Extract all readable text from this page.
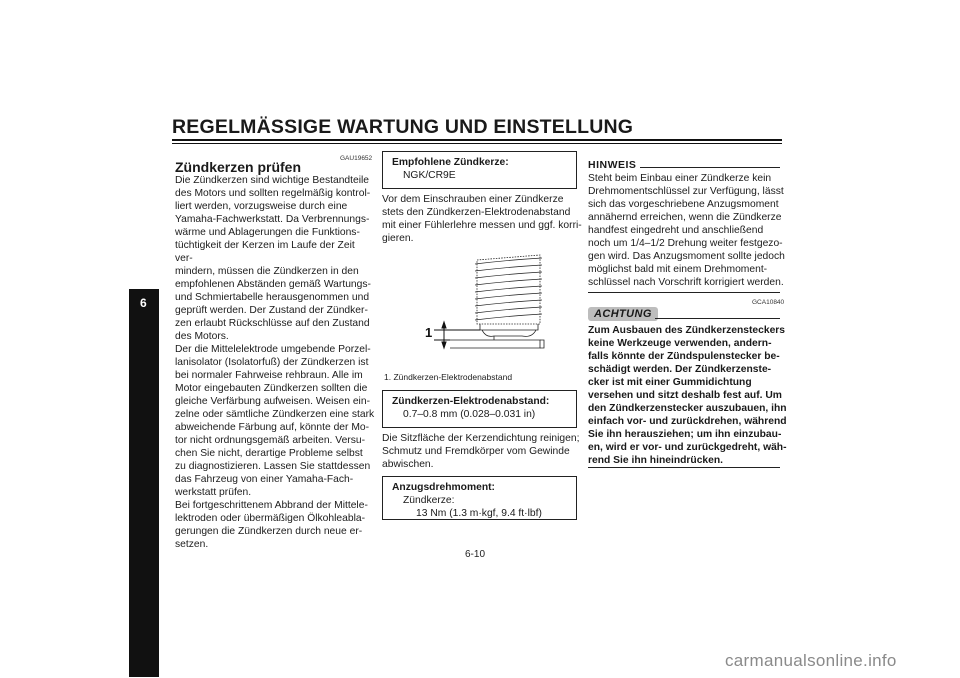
REGELMÄSSIGE WARTUNG UND EINSTELLUNG
6
GAU19652
Zündkerzen prüfen

Die Zündkerzen sind wichtige Bestandteile

des Motors und sollten regelmäßig kontrol-

liert werden, vorzugsweise durch eine

Yamaha-Fachwerkstatt. Da Verbrennungs-

wärme und Ablagerungen die Funktions-

tüchtigkeit der Kerzen im Laufe der Zeit ver-

mindern, müssen die Zündkerzen in den

empfohlenen Abständen gemäß Wartungs-

und Schmiertabelle herausgenommen und

geprüft werden. Der Zustand der Zündker-

zen erlaubt Rückschlüsse auf den Zustand

des Motors.

Der die Mittelelektrode umgebende Porzel-

lanisolator (Isolatorfuß) der Zündkerzen ist

bei normaler Fahrweise rehbraun. Alle im

Motor eingebauten Zündkerzen sollten die

gleiche Verfärbung aufweisen. Weisen ein-

zelne oder sämtliche Zündkerzen eine stark

abweichende Färbung auf, könnte der Mo-

tor nicht ordnungsgemäß arbeiten. Versu-

chen Sie nicht, derartige Probleme selbst

zu diagnostizieren. Lassen Sie stattdessen

das Fahrzeug von einer Yamaha-Fach-

werkstatt prüfen.

Bei fortgeschrittenem Abbrand der Mittele-

lektroden oder übermäßigen Ölkohleabla-

gerungen die Zündkerzen durch neue er-

setzen.

Empfohlene Zündkerze:
NGK/CR9E

Vor dem Einschrauben einer Zündkerze

stets den Zündkerzen-Elektrodenabstand

mit einer Fühlerlehre messen und ggf. korri-

gieren.

1
1. Zündkerzen-Elektrodenabstand
Zündkerzen-Elektrodenabstand:
0.7–0.8 mm (0.028–0.031 in)

Die Sitzfläche der Kerzendichtung reinigen;

Schmutz und Fremdkörper vom Gewinde

abwischen.

Anzugsdrehmoment:
Zündkerze:
13 Nm (1.3 m·kgf, 9.4 ft·lbf)
HINWEIS

Steht beim Einbau einer Zündkerze kein

Drehmomentschlüssel zur Verfügung, lässt

sich das vorgeschriebene Anzugsmoment

annähernd erreichen, wenn die Zündkerze

handfest eingedreht und anschließend

noch um 1/4–1/2 Drehung weiter festgezo-

gen wird. Das Anzugsmoment sollte jedoch

möglichst bald mit einem Drehmoment-

schlüssel nach Vorschrift korrigiert werden.

GCA10840
ACHTUNG
Zum Ausbauen des Zündkerzensteckers
keine Werkzeuge verwenden, andern-
falls könnte der Zündspulenstecker be-
schädigt werden. Der Zündkerzenste-
cker ist mit einer Gummidichtung
versehen und sitzt deshalb fest auf. Um
den Zündkerzenstecker auszubauen, ihn
einfach vor- und zurückdrehen, während
Sie ihn herausziehen; um ihn einzubau-
en, wird er vor- und zurückgedreht, wäh-
rend Sie ihn hineindrücken.
6-10
carmanualsonline.info
